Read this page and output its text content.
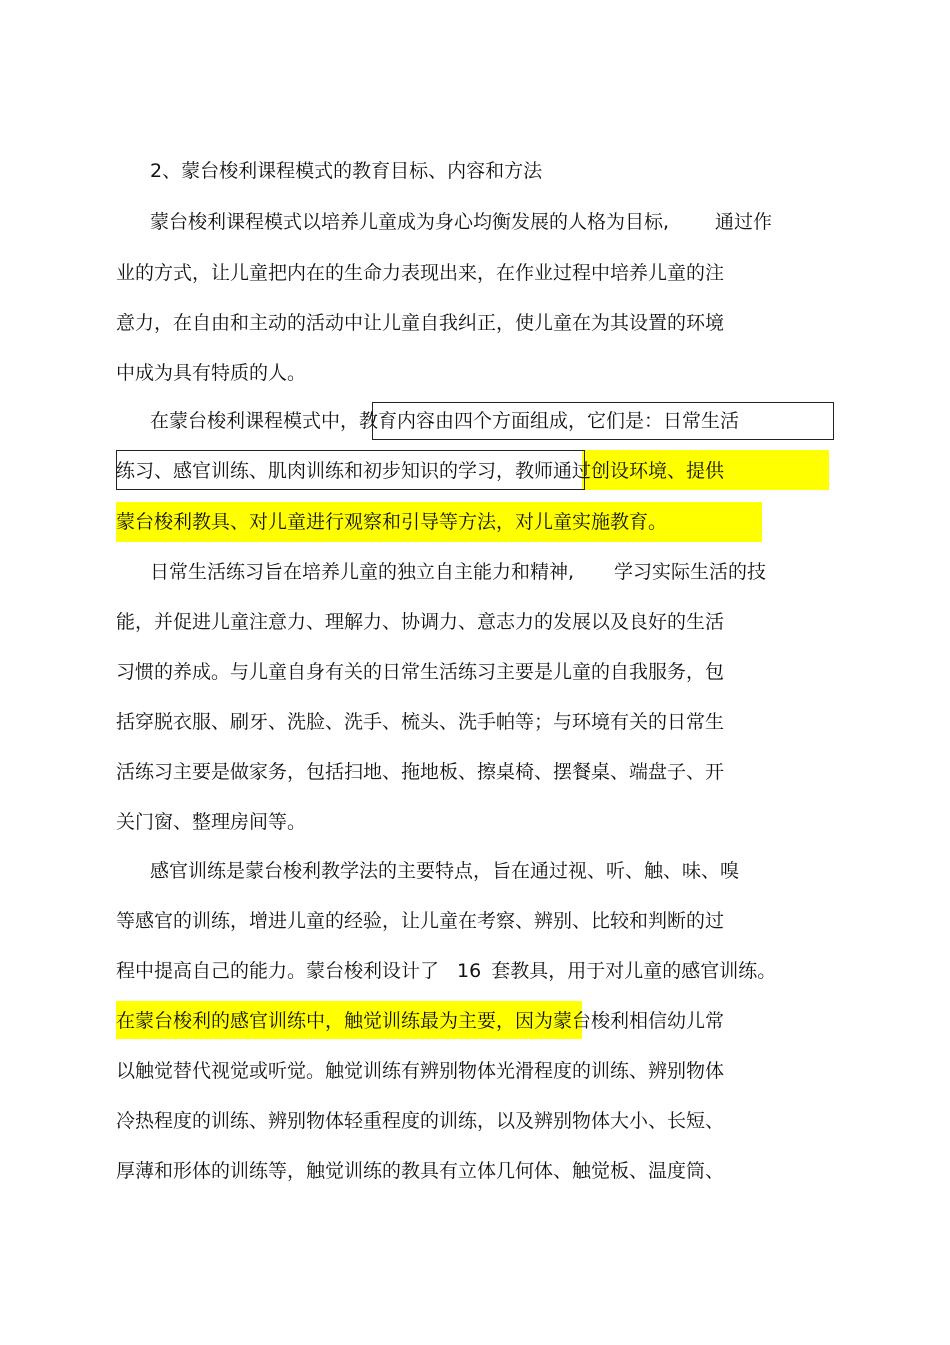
2、蒙台梭利课程模式的教育目标、内容和方法
蒙台梭利课程模式以培养儿童成为身心均衡发展的人格为目标, 通过作
业的方式，让儿童把内在的生命力表现出来，在作业过程中培养儿童的注
意力，在自由和主动的活动中让儿童自我纠正，使儿童在为其设置的环境
中成为具有特质的人。
在蒙台梭利课程模式中，教育内容由四个方面组成，它们是：日常生活
练习、感官训练、肌肉训练和初步知识的学习，教师通过创设环境、提供
蒙台梭利教具、对儿童进行观察和引导等方法，对儿童实施教育。
日常生活练习旨在培养儿童的独立自主能力和精神, 学习实际生活的技
能，并促进儿童注意力、理解力、协调力、意志力的发展以及良好的生活
习惯的养成。与儿童自身有关的日常生活练习主要是儿童的自我服务，包
括穿脱衣服、刷牙、洗脸、洗手、梳头、洗手帕等；与环境有关的日常生
活练习主要是做家务，包括扫地、拖地板、擦桌椅、摆餐桌、端盘子、开
关门窗、整理房间等。
感官训练是蒙台梭利教学法的主要特点，旨在通过视、听、触、味、嗅
等感官的训练，增进儿童的经验，让儿童在考察、辨别、比较和判断的过
程中提高自己的能力。蒙台梭利设计了 16 套教具，用于对儿童的感官训练。
在蒙台梭利的感官训练中，触觉训练最为主要，因为蒙台梭利相信幼儿常
以触觉替代视觉或听觉。触觉训练有辨别物体光滑程度的训练、辨别物体
冷热程度的训练、辨别物体轻重程度的训练，以及辨别物体大小、长短、
厚薄和形体的训练等，触觉训练的教具有立体几何体、触觉板、温度筒、
